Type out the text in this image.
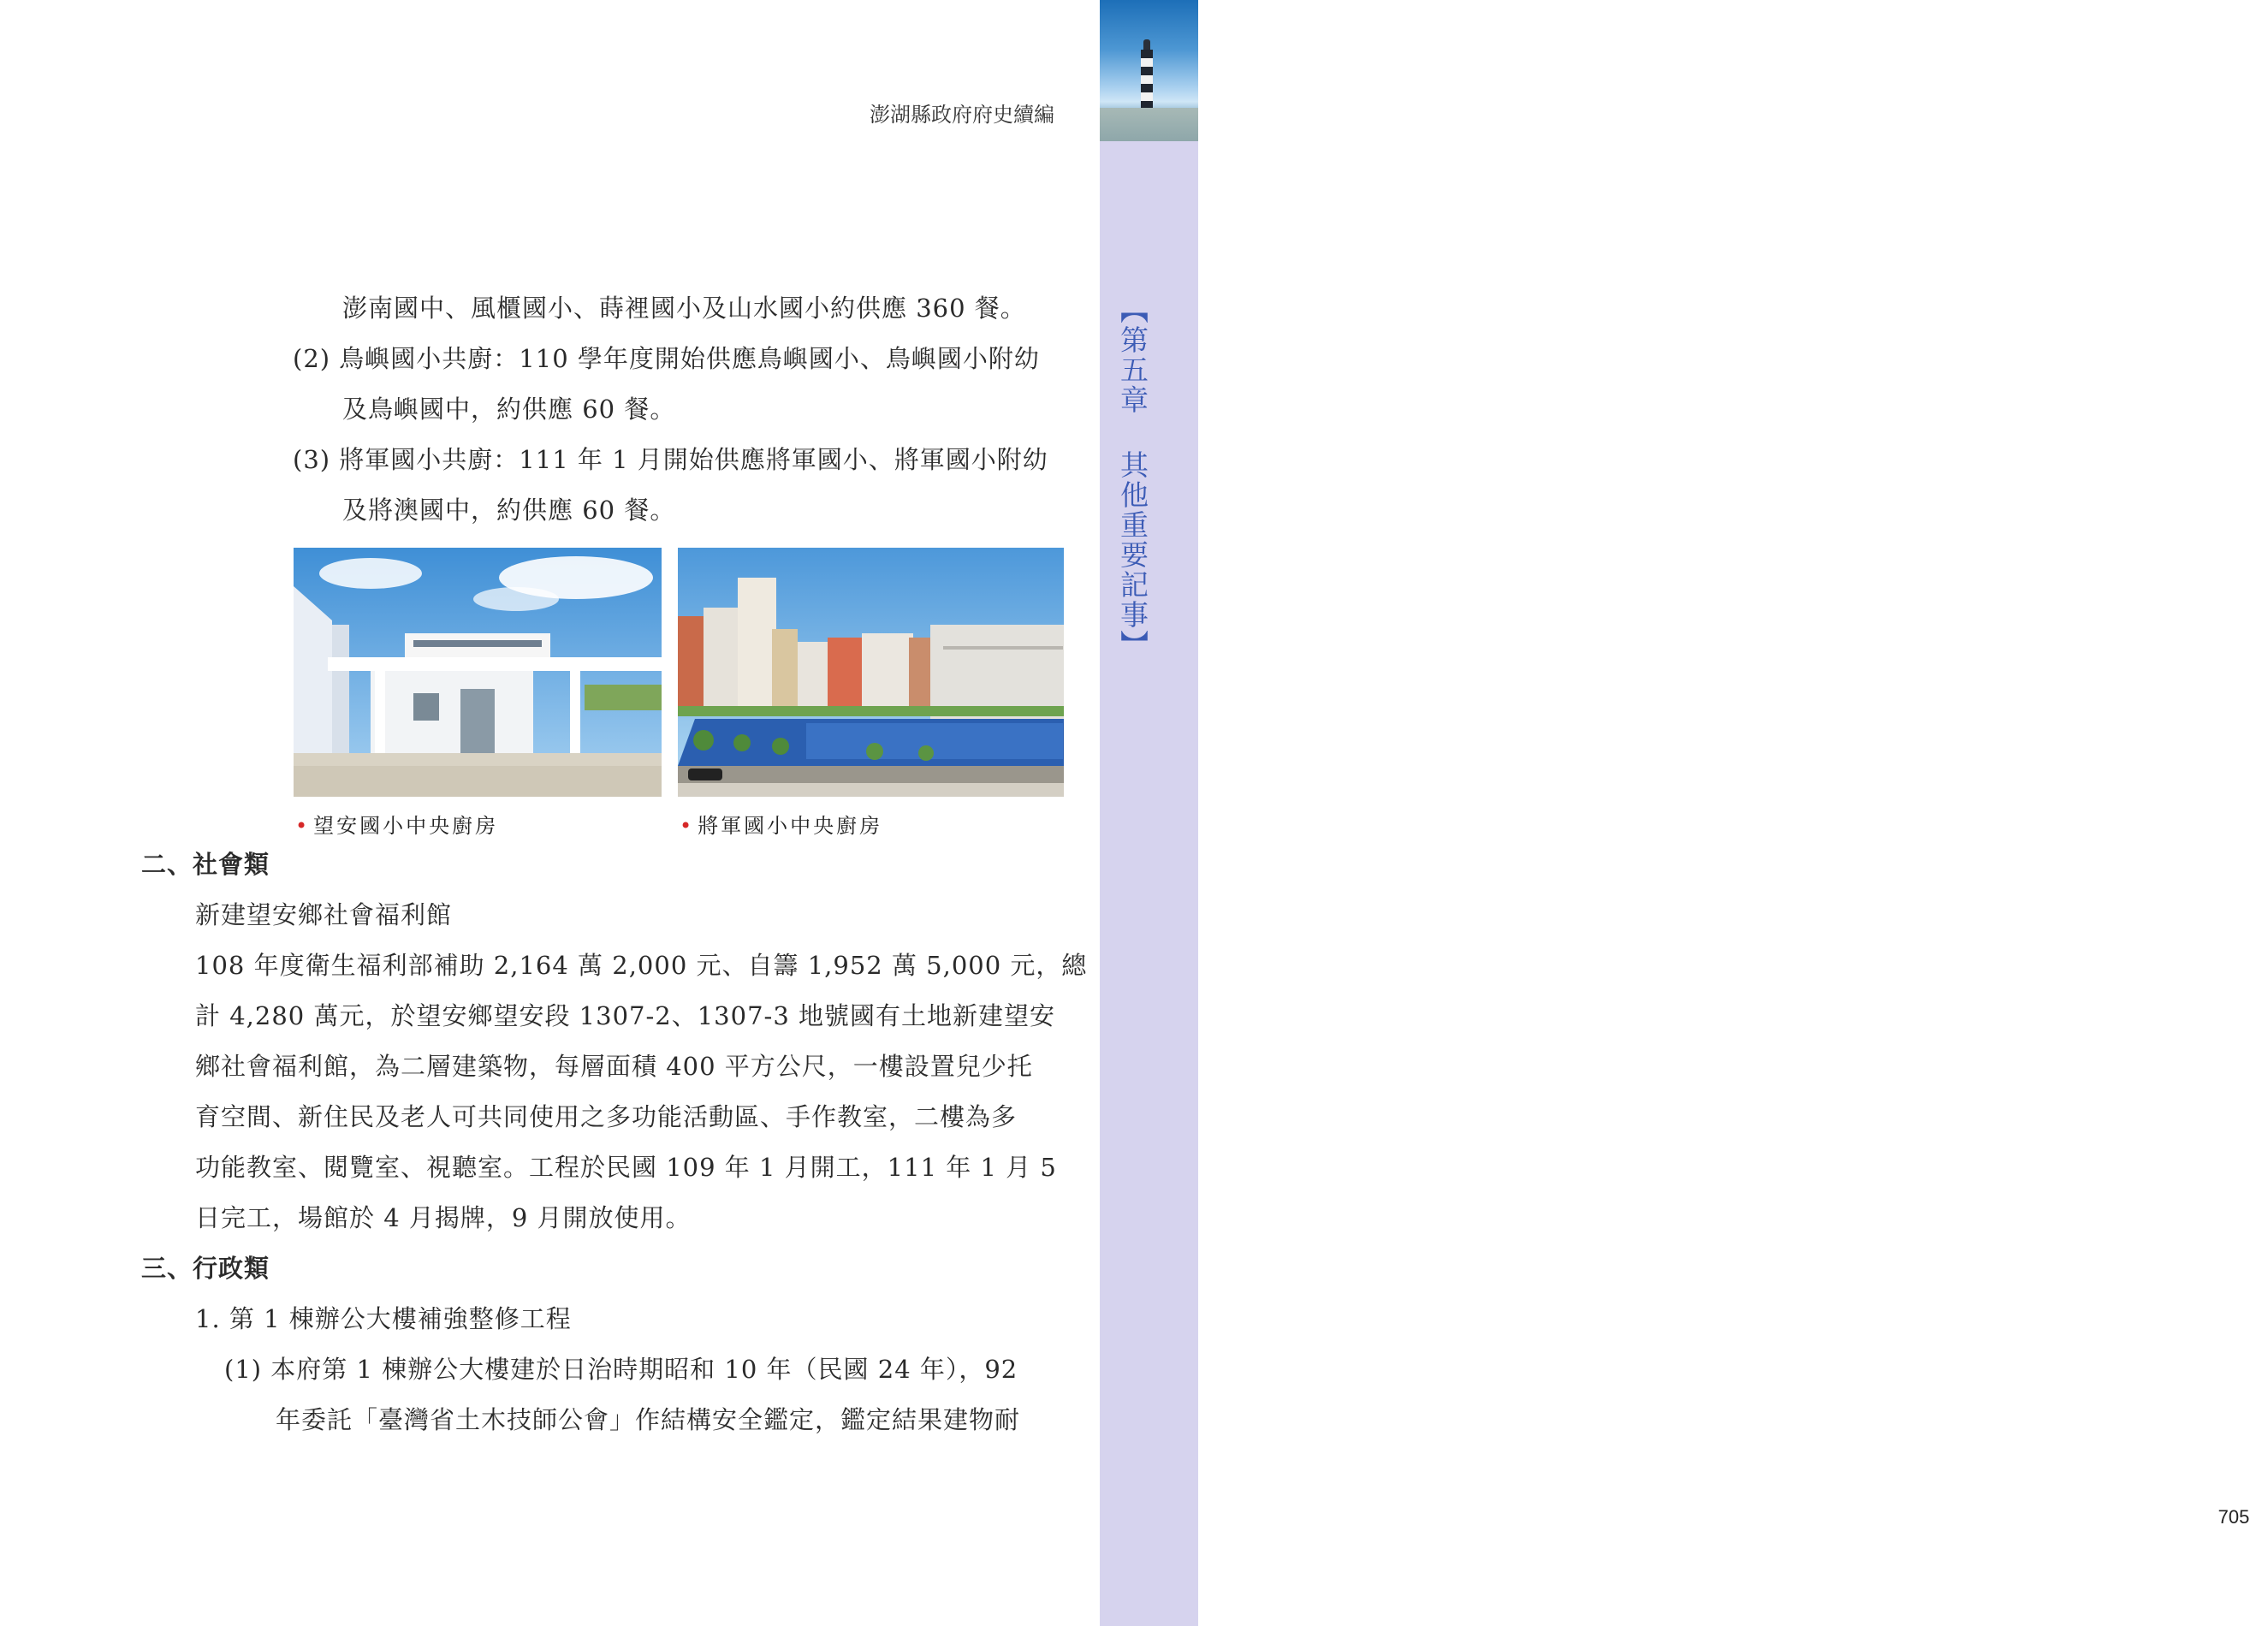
705
【第五章 其他重要記事】
澎湖縣政府府史續編
澎南國中、風櫃國小、蒔裡國小及山水國小約供應 360 餐。
(2) 鳥嶼國小共廚：110 學年度開始供應鳥嶼國小、鳥嶼國小附幼
及鳥嶼國中，約供應 60 餐。
(3) 將軍國小共廚：111 年 1 月開始供應將軍國小、將軍國小附幼
及將澳國中，約供應 60 餐。
• 望安國小中央廚房	• 將軍國小中央廚房
二、社會類
新建望安鄉社會福利館
108 年度衛生福利部補助 2,164 萬 2,000 元、自籌 1,952 萬 5,000 元，總
計 4,280 萬元，於望安鄉望安段 1307-2、1307-3 地號國有土地新建望安
鄉社會福利館，為二層建築物，每層面積 400 平方公尺，一樓設置兒少托
育空間、新住民及老人可共同使用之多功能活動區、手作教室，二樓為多
功能教室、閱覽室、視聽室。工程於民國 109 年 1 月開工，111 年 1 月 5
日完工，場館於 4 月揭牌，9 月開放使用。
三、行政類
1. 第 1 棟辦公大樓補強整修工程
(1) 本府第 1 棟辦公大樓建於日治時期昭和 10 年（民國 24 年），92
年委託「臺灣省土木技師公會」作結構安全鑑定，鑑定結果建物耐
